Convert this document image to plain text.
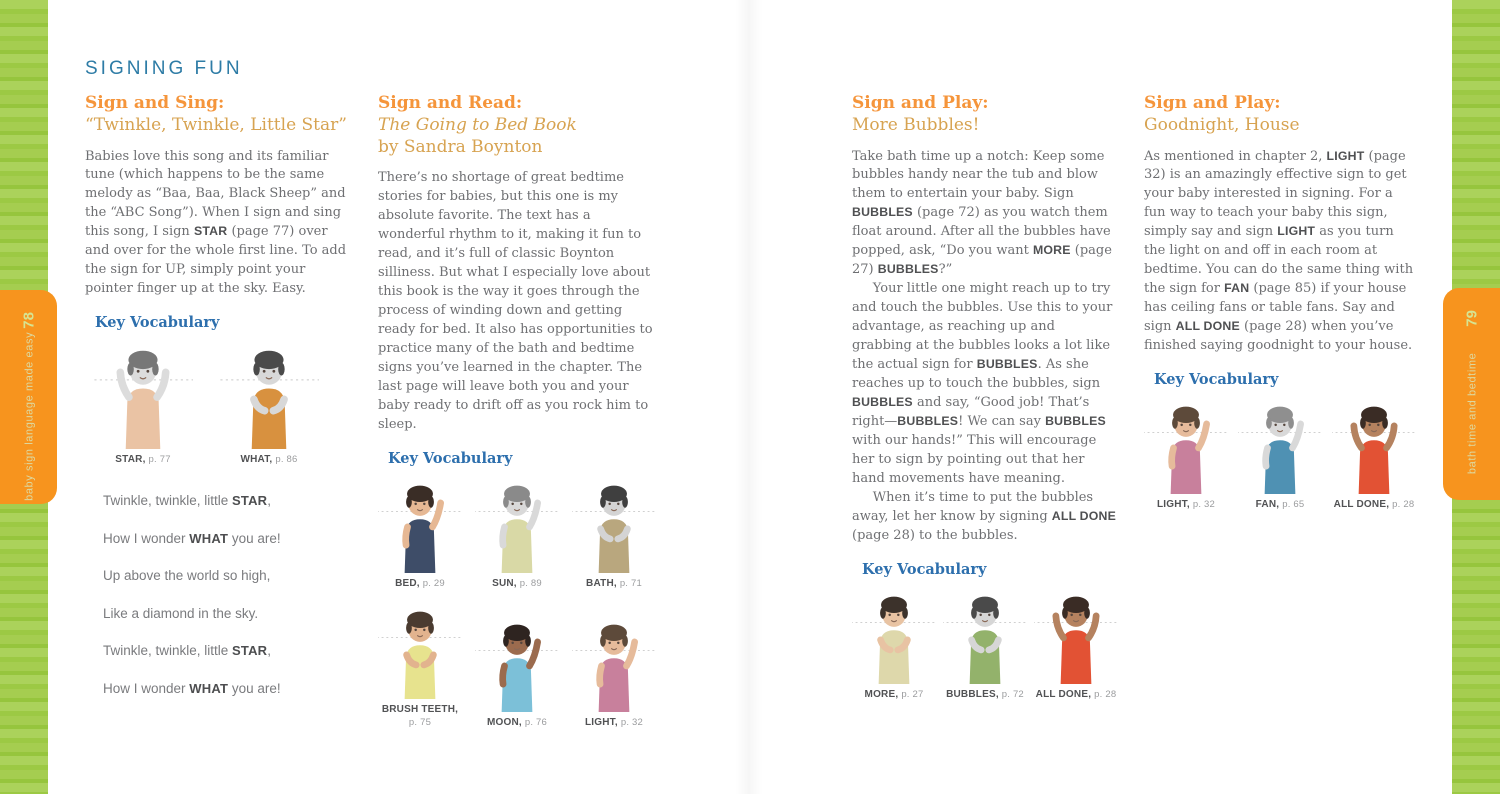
baby sign language made easy
78
bath time and bedtime
79
SIGNING FUN
Sign and Sing:
“Twinkle, Twinkle, Little Star”

Babies love this song and its familiar tune (which happens to be the same melody as “Baa, Baa, Black Sheep” and the “ABC Song”). When I sign and sing this song, I sign STAR (page 77) over and over for the whole first line. To add the sign for UP, simply point your pointer finger up at the sky. Easy.

Key Vocabulary
STAR, p. 77	WHAT, p. 86
Twinkle, twinkle, little STAR,
How I wonder WHAT you are!
Up above the world so high,
Like a diamond in the sky.
Twinkle, twinkle, little STAR,
How I wonder WHAT you are!
Sign and Read:
The Going to Bed Book
by Sandra Boynton

There’s no shortage of great bedtime stories for babies, but this one is my absolute favorite. The text has a wonderful rhythm to it, making it fun to read, and it’s full of classic Boynton silliness. But what I especially love about this book is the way it goes through the process of winding down and getting ready for bed. It also has opportunities to practice many of the bath and bedtime signs you’ve learned in the chapter. The last page will leave both you and your baby ready to drift off as you rock him to sleep.

Key Vocabulary
BED, p. 29	SUN, p. 89	BATH, p. 71
BRUSH TEETH, p. 75	MOON, p. 76	LIGHT, p. 32
Sign and Play:
More Bubbles!

Take bath time up a notch: Keep some bubbles handy near the tub and blow them to entertain your baby. Sign BUBBLES (page 72) as you watch them float around. After all the bubbles have popped, ask, “Do you want MORE (page 27) BUBBLES?”

Your little one might reach up to try and touch the bubbles. Use this to your advantage, as reaching up and grabbing at the bubbles looks a lot like the actual sign for BUBBLES. As she reaches up to touch the bubbles, sign BUBBLES and say, “Good job! That’s right—BUBBLES! We can say BUBBLES with our hands!” This will encourage her to sign by pointing out that her hand movements have meaning.

When it’s time to put the bubbles away, let her know by signing ALL DONE (page 28) to the bubbles.

Key Vocabulary
MORE, p. 27	BUBBLES, p. 72	ALL DONE, p. 28
Sign and Play:
Goodnight, House

As mentioned in chapter 2, LIGHT (page 32) is an amazingly effective sign to get your baby interested in signing. For a fun way to teach your baby this sign, simply say and sign LIGHT as you turn the light on and off in each room at bedtime. You can do the same thing with the sign for FAN (page 85) if your house has ceiling fans or table fans. Say and sign ALL DONE (page 28) when you’ve finished saying goodnight to your house.

Key Vocabulary
LIGHT, p. 32	FAN, p. 65	ALL DONE, p. 28
